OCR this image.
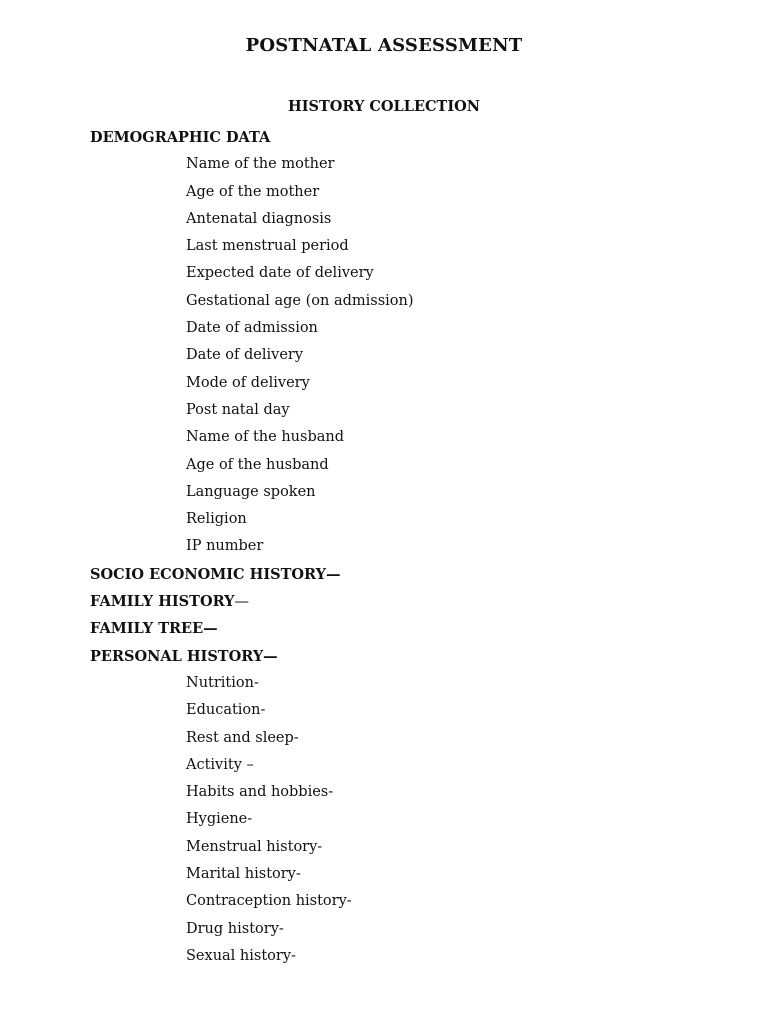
POSTNATAL ASSESSMENT
HISTORY COLLECTION
DEMOGRAPHIC DATA
Name of the mother
Age of the mother
Antenatal diagnosis
Last menstrual period
Expected date of delivery
Gestational age (on admission)
Date of admission
Date of delivery
Mode of delivery
Post natal day
Name of the husband
Age of the husband
Language spoken
Religion
IP number
SOCIO ECONOMIC HISTORY—
FAMILY HISTORY—
FAMILY TREE—
PERSONAL HISTORY—
Nutrition-
Education-
Rest and sleep-
Activity –
Habits and hobbies-
Hygiene-
Menstrual history-
Marital history-
Contraception history-
Drug history-
Sexual history-
